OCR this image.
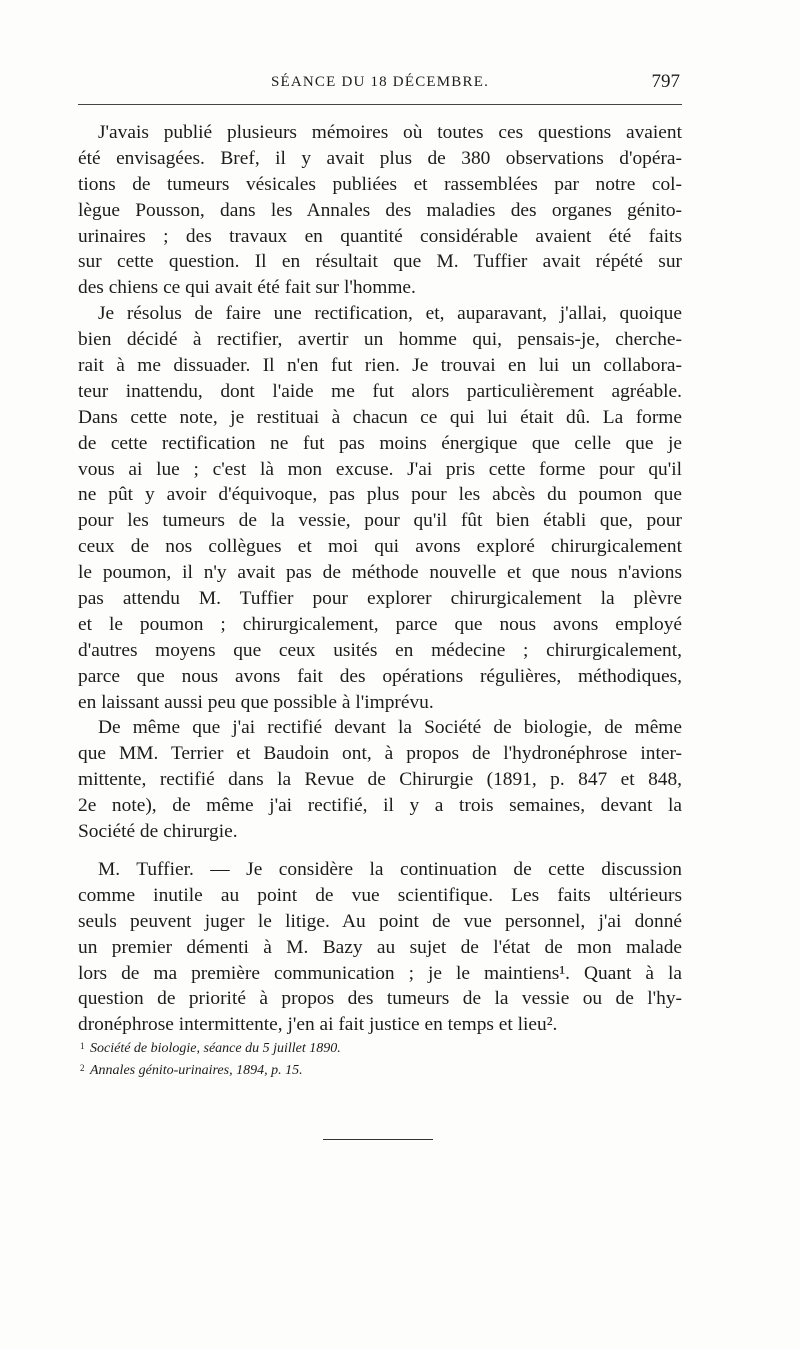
SÉANCE DU 18 DÉCEMBRE.	797
J'avais publié plusieurs mémoires où toutes ces questions avaient
été envisagées. Bref, il y avait plus de 380 observations d'opéra-
tions de tumeurs vésicales publiées et rassemblées par notre col-
lègue Pousson, dans les Annales des maladies des organes génito-
urinaires ; des travaux en quantité considérable avaient été faits
sur cette question. Il en résultait que M. Tuffier avait répété sur
des chiens ce qui avait été fait sur l'homme.
Je résolus de faire une rectification, et, auparavant, j'allai, quoique
bien décidé à rectifier, avertir un homme qui, pensais-je, cherche-
rait à me dissuader. Il n'en fut rien. Je trouvai en lui un collabora-
teur inattendu, dont l'aide me fut alors particulièrement agréable.
Dans cette note, je restituai à chacun ce qui lui était dû. La forme
de cette rectification ne fut pas moins énergique que celle que je
vous ai lue ; c'est là mon excuse. J'ai pris cette forme pour qu'il
ne pût y avoir d'équivoque, pas plus pour les abcès du poumon que
pour les tumeurs de la vessie, pour qu'il fût bien établi que, pour
ceux de nos collègues et moi qui avons exploré chirurgicalement
le poumon, il n'y avait pas de méthode nouvelle et que nous n'avions
pas attendu M. Tuffier pour explorer chirurgicalement la plèvre
et le poumon ; chirurgicalement, parce que nous avons employé
d'autres moyens que ceux usités en médecine ; chirurgicalement,
parce que nous avons fait des opérations régulières, méthodiques,
en laissant aussi peu que possible à l'imprévu.
De même que j'ai rectifié devant la Société de biologie, de même
que MM. Terrier et Baudoin ont, à propos de l'hydronéphrose inter-
mittente, rectifié dans la Revue de Chirurgie (1891, p. 847 et 848,
2e note), de même j'ai rectifié, il y a trois semaines, devant la
Société de chirurgie.
M. Tuffier. — Je considère la continuation de cette discussion
comme inutile au point de vue scientifique. Les faits ultérieurs
seuls peuvent juger le litige. Au point de vue personnel, j'ai donné
un premier démenti à M. Bazy au sujet de l'état de mon malade
lors de ma première communication ; je le maintiens¹. Quant à la
question de priorité à propos des tumeurs de la vessie ou de l'hy-
dronéphrose intermittente, j'en ai fait justice en temps et lieu².
1 Société de biologie, séance du 5 juillet 1890.
2 Annales génito-urinaires, 1894, p. 15.
